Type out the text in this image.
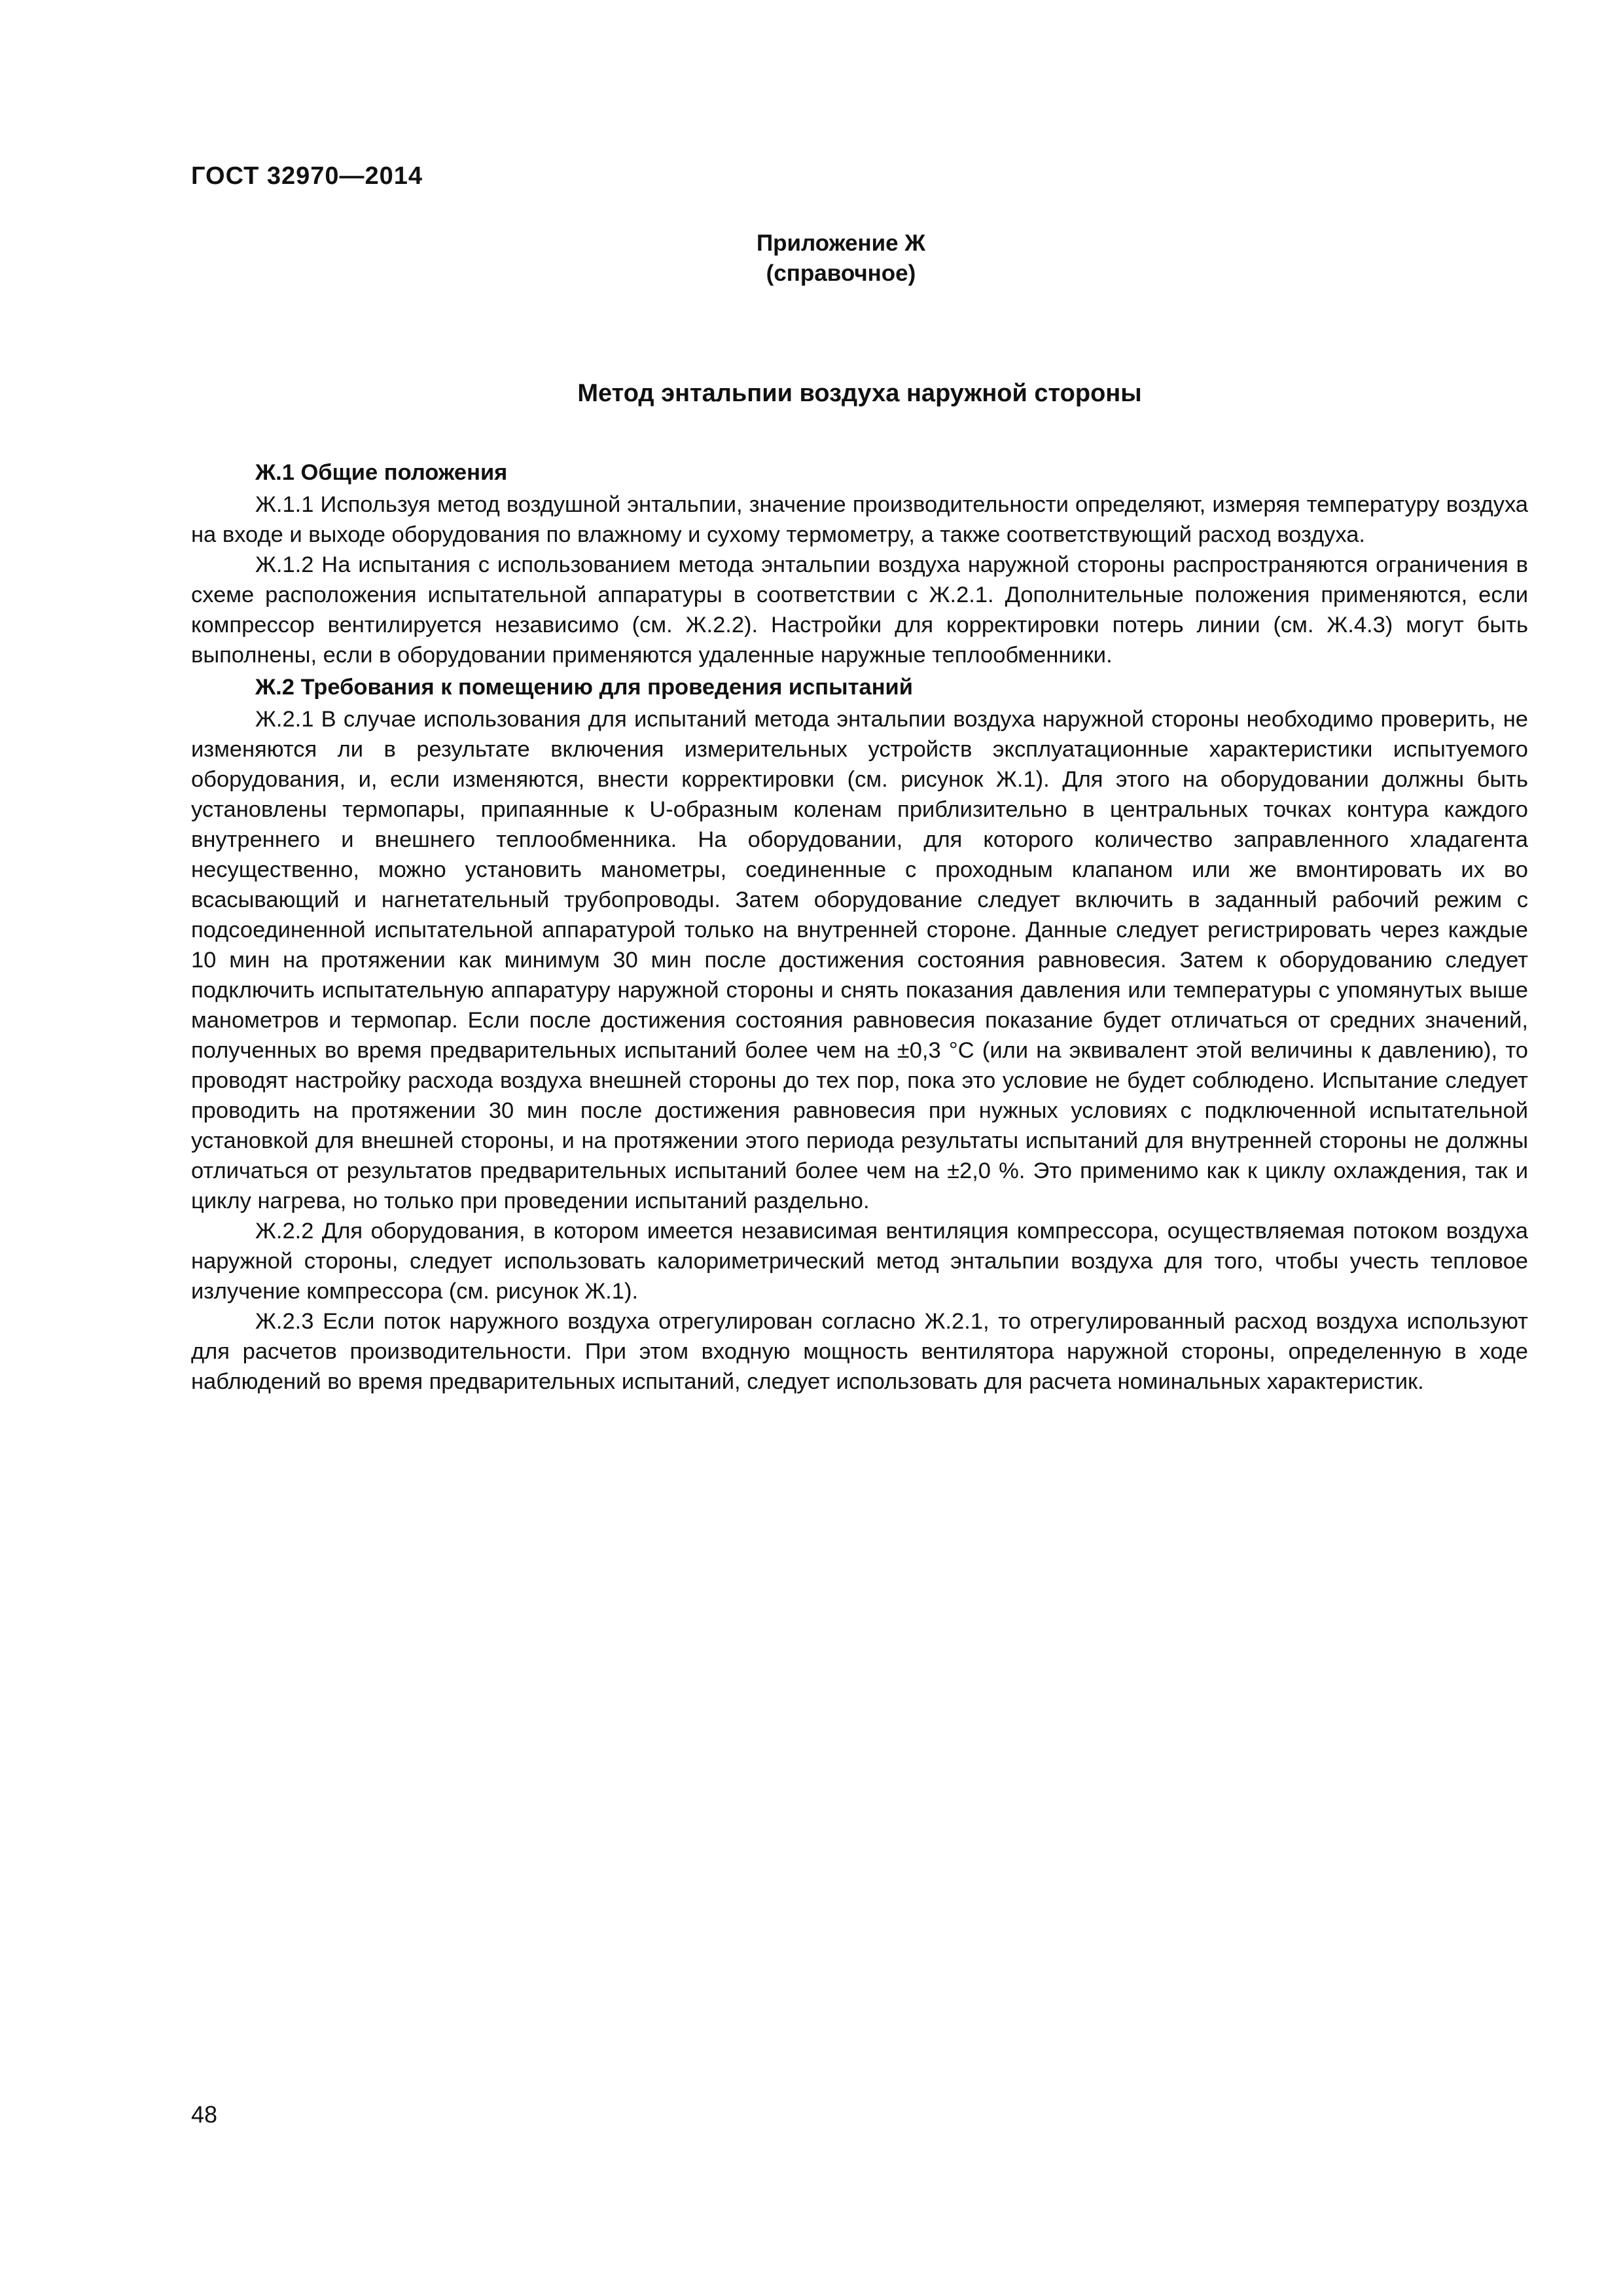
ГОСТ 32970—2014
Приложение Ж
(справочное)
Метод энтальпии воздуха наружной стороны
Ж.1 Общие положения

Ж.1.1 Используя метод воздушной энтальпии, значение производительности определяют, измеряя температуру воздуха на входе и выходе оборудования по влажному и сухому термометру, а также соответствующий расход воздуха.

Ж.1.2 На испытания с использованием метода энтальпии воздуха наружной стороны распространяются ограничения в схеме расположения испытательной аппаратуры в соответствии с Ж.2.1. Дополнительные положения применяются, если компрессор вентилируется независимо (см. Ж.2.2). Настройки для корректировки потерь линии (см. Ж.4.3) могут быть выполнены, если в оборудовании применяются удаленные наружные теплообменники.

Ж.2 Требования к помещению для проведения испытаний

Ж.2.1 В случае использования для испытаний метода энтальпии воздуха наружной стороны необходимо проверить, не изменяются ли в результате включения измерительных устройств эксплуатационные характеристики испытуемого оборудования, и, если изменяются, внести корректировки (см. рисунок Ж.1). Для этого на оборудовании должны быть установлены термопары, припаянные к U-образным коленам приблизительно в центральных точках контура каждого внутреннего и внешнего теплообменника. На оборудовании, для которого количество заправленного хладагента несущественно, можно установить манометры, соединенные с проходным клапаном или же вмонтировать их во всасывающий и нагнетательный трубопроводы. Затем оборудование следует включить в заданный рабочий режим с подсоединенной испытательной аппаратурой только на внутренней стороне. Данные следует регистрировать через каждые 10 мин на протяжении как минимум 30 мин после достижения состояния равновесия. Затем к оборудованию следует подключить испытательную аппаратуру наружной стороны и снять показания давления или температуры с упомянутых выше манометров и термопар. Если после достижения состояния равновесия показание будет отличаться от средних значений, полученных во время предварительных испытаний более чем на ±0,3 °С (или на эквивалент этой величины к давлению), то проводят настройку расхода воздуха внешней стороны до тех пор, пока это условие не будет соблюдено. Испытание следует проводить на протяжении 30 мин после достижения равновесия при нужных условиях с подключенной испытательной установкой для внешней стороны, и на протяжении этого периода результаты испытаний для внутренней стороны не должны отличаться от результатов предварительных испытаний более чем на ±2,0 %. Это применимо как к циклу охлаждения, так и циклу нагрева, но только при проведении испытаний раздельно.

Ж.2.2 Для оборудования, в котором имеется независимая вентиляция компрессора, осуществляемая потоком воздуха наружной стороны, следует использовать калориметрический метод энтальпии воздуха для того, чтобы учесть тепловое излучение компрессора (см. рисунок Ж.1).

Ж.2.3 Если поток наружного воздуха отрегулирован согласно Ж.2.1, то отрегулированный расход воздуха используют для расчетов производительности. При этом входную мощность вентилятора наружной стороны, определенную в ходе наблюдений во время предварительных испытаний, следует использовать для расчета номинальных характеристик.

48
